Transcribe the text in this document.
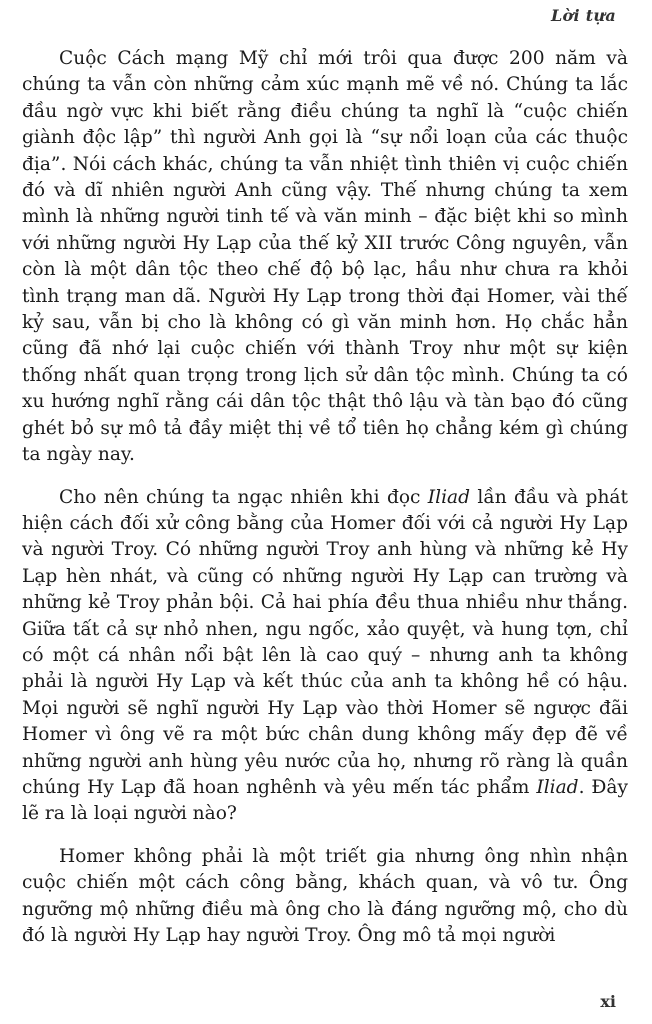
Lời tựa

Cuộc Cách mạng Mỹ chỉ mới trôi qua được 200 năm và chúng ta vẫn còn những cảm xúc mạnh mẽ về nó. Chúng ta lắc đầu ngờ vực khi biết rằng điều chúng ta nghĩ là “cuộc chiến giành độc lập” thì người Anh gọi là “sự nổi loạn của các thuộc địa”. Nói cách khác, chúng ta vẫn nhiệt tình thiên vị cuộc chiến đó và dĩ nhiên người Anh cũng vậy. Thế nhưng chúng ta xem mình là những người tinh tế và văn minh – đặc biệt khi so mình với những người Hy Lạp của thế kỷ XII trước Công nguyên, vẫn còn là một dân tộc theo chế độ bộ lạc, hầu như chưa ra khỏi tình trạng man dã. Người Hy Lạp trong thời đại Homer, vài thế kỷ sau, vẫn bị cho là không có gì văn minh hơn. Họ chắc hẳn cũng đã nhớ lại cuộc chiến với thành Troy như một sự kiện thống nhất quan trọng trong lịch sử dân tộc mình. Chúng ta có xu hướng nghĩ rằng cái dân tộc thật thô lậu và tàn bạo đó cũng ghét bỏ sự mô tả đầy miệt thị về tổ tiên họ chẳng kém gì chúng ta ngày nay.

Cho nên chúng ta ngạc nhiên khi đọc Iliad lần đầu và phát hiện cách đối xử công bằng của Homer đối với cả người Hy Lạp và người Troy. Có những người Troy anh hùng và những kẻ Hy Lạp hèn nhát, và cũng có những người Hy Lạp can trường và những kẻ Troy phản bội. Cả hai phía đều thua nhiều như thắng. Giữa tất cả sự nhỏ nhen, ngu ngốc, xảo quyệt, và hung tợn, chỉ có một cá nhân nổi bật lên là cao quý – nhưng anh ta không phải là người Hy Lạp và kết thúc của anh ta không hề có hậu. Mọi người sẽ nghĩ người Hy Lạp vào thời Homer sẽ ngược đãi Homer vì ông vẽ ra một bức chân dung không mấy đẹp đẽ về những người anh hùng yêu nước của họ, nhưng rõ ràng là quần chúng Hy Lạp đã hoan nghênh và yêu mến tác phẩm Iliad. Đây lẽ ra là loại người nào?

Homer không phải là một triết gia nhưng ông nhìn nhận cuộc chiến một cách công bằng, khách quan, và vô tư. Ông ngưỡng mộ những điều mà ông cho là đáng ngưỡng mộ, cho dù đó là người Hy Lạp hay người Troy. Ông mô tả mọi người

xi
